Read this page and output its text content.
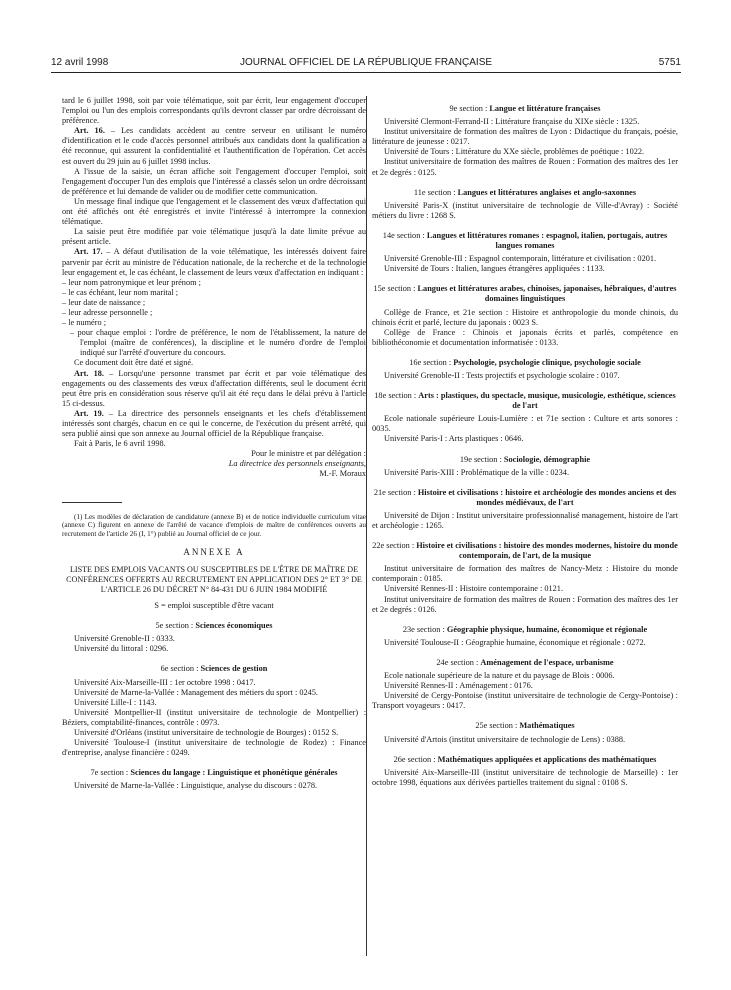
12 avril 1998	JOURNAL OFFICIEL DE LA RÉPUBLIQUE FRANÇAISE	5751

tard le 6 juillet 1998, soit par voie télématique, soit par écrit, leur engagement d'occuper l'emploi ou l'un des emplois correspondants qu'ils devront classer par ordre décroissant de préférence.

Art. 16. – Les candidats accèdent au centre serveur en utilisant le numéro d'identification et le code d'accès personnel attribués aux candidats dont la qualification a été reconnue, qui assurent la confidentialité et l'authentification de l'opération. Cet accès est ouvert du 29 juin au 6 juillet 1998 inclus.

A l'issue de la saisie, un écran affiche soit l'engagement d'occuper l'emploi, soit l'engagement d'occuper l'un des emplois que l'intéressé a classés selon un ordre décroissant de préférence et lui demande de valider ou de modifier cette communication.

Un message final indique que l'engagement et le classement des vœux d'affectation qui ont été affichés ont été enregistrés et invite l'intéressé à interrompre la connexion télématique.

La saisie peut être modifiée par voie télématique jusqu'à la date limite prévue au présent article.

Art. 17. – A défaut d'utilisation de la voie télématique, les intéressés doivent faire parvenir par écrit au ministre de l'éducation nationale, de la recherche et de la technologie leur engagement et, le cas échéant, le classement de leurs vœux d'affectation en indiquant :

– leur nom patronymique et leur prénom ;

– le cas échéant, leur nom marital ;

– leur date de naissance ;

– leur adresse personnelle ;

– le numéro ;

– pour chaque emploi : l'ordre de préférence, le nom de l'établissement, la nature de l'emploi (maître de conférences), la discipline et le numéro d'ordre de l'emploi indiqué sur l'arrêté d'ouverture du concours.

Ce document doit être daté et signé.

Art. 18. – Lorsqu'une personne transmet par écrit et par voie télématique des engagements ou des classements des vœux d'affectation différents, seul le document écrit peut être pris en considération sous réserve qu'il ait été reçu dans le délai prévu à l'article 15 ci-dessus.

Art. 19. – La directrice des personnels enseignants et les chefs d'établissement intéressés sont chargés, chacun en ce qui le concerne, de l'exécution du présent arrêté, qui sera publié ainsi que son annexe au Journal officiel de la République française.

Fait à Paris, le 6 avril 1998.

Pour le ministre et par délégation :

La directrice des personnels enseignants,

M.-F. Moraux

(1) Les modèles de déclaration de candidature (annexe B) et de notice individuelle curriculum vitae (annexe C) figurent en annexe de l'arrêté de vacance d'emplois de maître de conférences ouverts au recrutement de l'article 26 (I, 1°) publié au Journal officiel de ce jour.

ANNEXE A
LISTE DES EMPLOIS VACANTS OU SUSCEPTIBLES DE L'ÊTRE DE MAÎTRE DE CONFÉRENCES OFFERTS AU RECRUTEMENT EN APPLICATION DES 2° ET 3° DE L'ARTICLE 26 DU DÉCRET N° 84-431 DU 6 JUIN 1984 MODIFIÉ

S = emploi susceptible d'être vacant

5e section : Sciences économiques

Université Grenoble-II : 0333.

Université du littoral : 0296.

6e section : Sciences de gestion

Université Aix-Marseille-III : 1er octobre 1998 : 0417.

Université de Marne-la-Vallée : Management des métiers du sport : 0245.

Université Lille-I : 1143.

Université Montpellier-II (institut universitaire de technologie de Montpellier) : Béziers, comptabilité-finances, contrôle : 0973.

Université d'Orléans (institut universitaire de technologie de Bourges) : 0152 S.

Université Toulouse-I (institut universitaire de technologie de Rodez) : Finance d'entreprise, analyse financière : 0249.

7e section : Sciences du langage : Linguistique et phonétique générales

Université de Marne-la-Vallée : Linguistique, analyse du discours : 0278.

9e section : Langue et littérature françaises

Université Clermont-Ferrand-II : Littérature française du XIXe siècle : 1325.

Institut universitaire de formation des maîtres de Lyon : Didactique du français, poésie, littérature de jeunesse : 0217.

Université de Tours : Littérature du XXe siècle, problèmes de poétique : 1022.

Institut universitaire de formation des maîtres de Rouen : Formation des maîtres des 1er et 2e degrés : 0125.

11e section : Langues et littératures anglaises et anglo-saxonnes

Université Paris-X (institut universitaire de technologie de Ville-d'Avray) : Société métiers du livre : 1268 S.

14e section : Langues et littératures romanes : espagnol, italien, portugais, autres langues romanes

Université Grenoble-III : Espagnol contemporain, littérature et civilisation : 0201.

Université de Tours : Italien, langues étrangères appliquées : 1133.

15e section : Langues et littératures arabes, chinoises, japonaises, hébraïques, d'autres domaines linguistiques

Collège de France, et 21e section : Histoire et anthropologie du monde chinois, du chinois écrit et parlé, lecture du japonais : 0023 S.

Collège de France : Chinois et japonais écrits et parlés, compétence en bibliothéconomie et documentation informatisée : 0133.

16e section : Psychologie, psychologie clinique, psychologie sociale

Université Grenoble-II : Tests projectifs et psychologie scolaire : 0107.

18e section : Arts : plastiques, du spectacle, musique, musicologie, esthétique, sciences de l'art

Ecole nationale supérieure Louis-Lumière : et 71e section : Culture et arts sonores : 0035.

Université Paris-I : Arts plastiques : 0646.

19e section : Sociologie, démographie

Université Paris-XIII : Problématique de la ville : 0234.

21e section : Histoire et civilisations : histoire et archéologie des mondes anciens et des mondes médiévaux, de l'art

Université de Dijon : Institut universitaire professionnalisé management, histoire de l'art et archéologie : 1265.

22e section : Histoire et civilisations : histoire des mondes modernes, histoire du monde contemporain, de l'art, de la musique

Institut universitaire de formation des maîtres de Nancy-Metz : Histoire du monde contemporain : 0185.

Université Rennes-II : Histoire contemporaine : 0121.

Institut universitaire de formation des maîtres de Rouen : Formation des maîtres des 1er et 2e degrés : 0126.

23e section : Géographie physique, humaine, économique et régionale

Université Toulouse-II : Géographie humaine, économique et régionale : 0272.

24e section : Aménagement de l'espace, urbanisme

Ecole nationale supérieure de la nature et du paysage de Blois : 0006.

Université Rennes-II : Aménagement : 0176.

Université de Cergy-Pontoise (institut universitaire de technologie de Cergy-Pontoise) : Transport voyageurs : 0417.

25e section : Mathématiques

Université d'Artois (institut universitaire de technologie de Lens) : 0388.

26e section : Mathématiques appliquées et applications des mathématiques

Université Aix-Marseille-III (institut universitaire de technologie de Marseille) : 1er octobre 1998, équations aux dérivées partielles traitement du signal : 0108 S.
